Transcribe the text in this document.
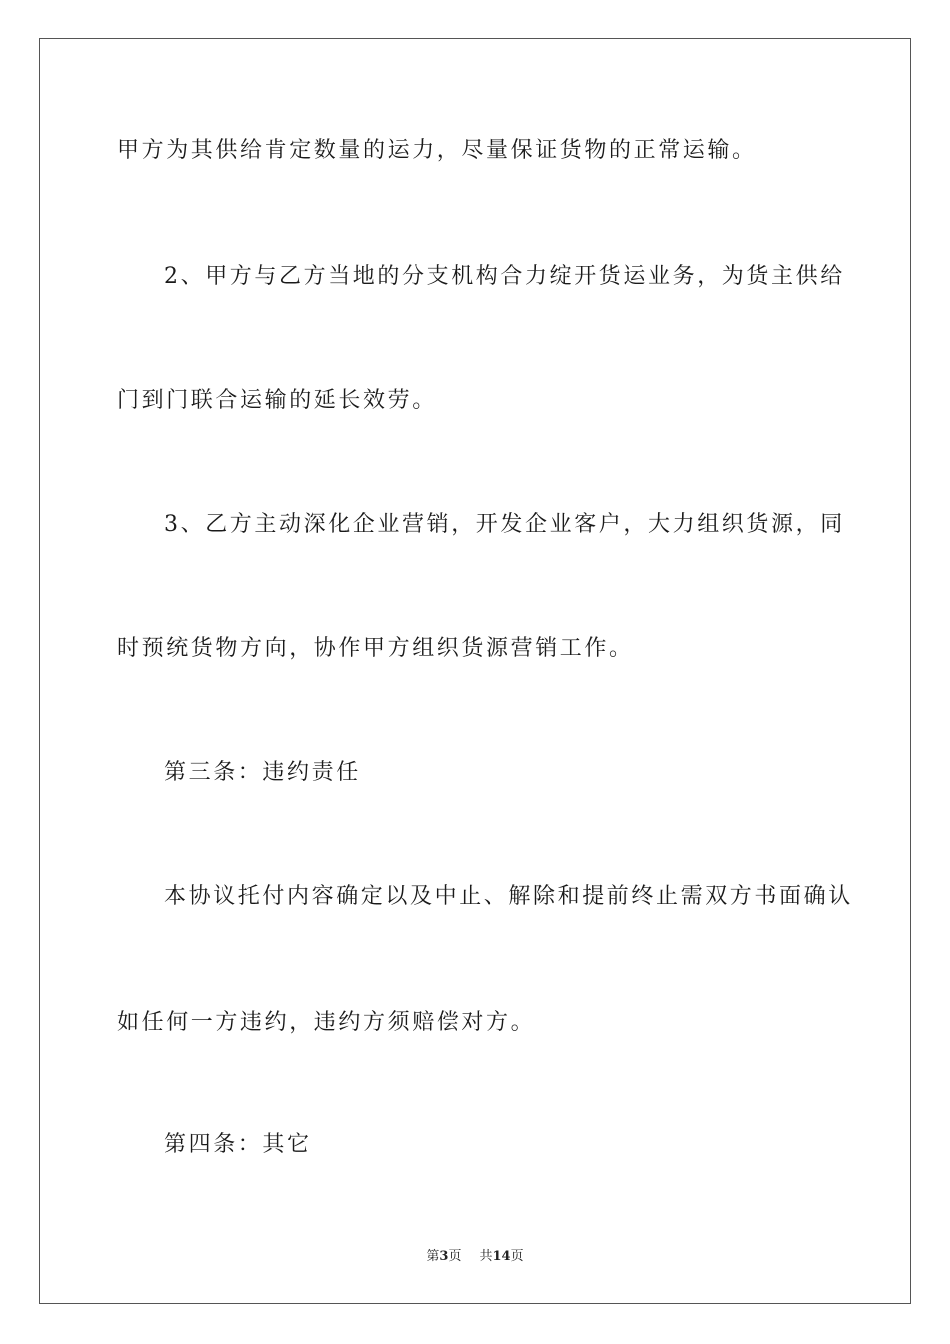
甲方为其供给肯定数量的运力，尽量保证货物的正常运输。

2、甲方与乙方当地的分支机构合力绽开货运业务，为货主供给

门到门联合运输的延长效劳。

3、乙方主动深化企业营销，开发企业客户，大力组织货源，同

时预统货物方向，协作甲方组织货源营销工作。

第三条：违约责任

本协议托付内容确定以及中止、解除和提前终止需双方书面确认

如任何一方违约，违约方须赔偿对方。

第四条：其它

第3页 共14页
